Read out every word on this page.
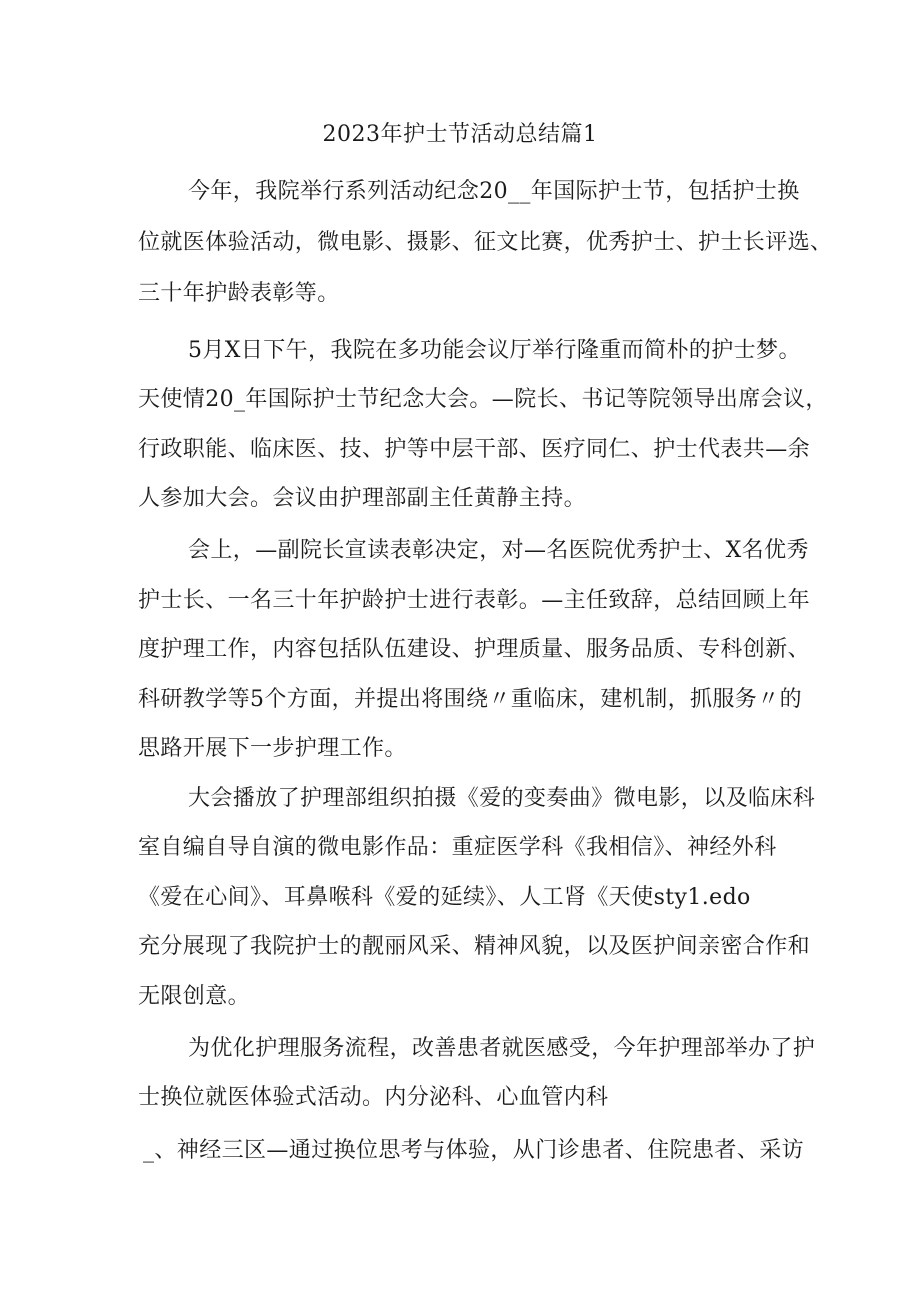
2023年护士节活动总结篇1
今年，我院举行系列活动纪念20__年国际护士节，包括护士换
位就医体验活动，微电影、摄影、征文比赛，优秀护士、护士长评选、
三十年护龄表彰等。
5月X日下午，我院在多功能会议厅举行隆重而简朴的护士梦。
天使情20_年国际护士节纪念大会。—院长、书记等院领导出席会议，
行政职能、临床医、技、护等中层干部、医疗同仁、护士代表共—余
人参加大会。会议由护理部副主任黄静主持。
会上，—副院长宣读表彰决定，对—名医院优秀护士、X名优秀
护士长、一名三十年护龄护士进行表彰。—主任致辞，总结回顾上年
度护理工作，内容包括队伍建设、护理质量、服务品质、专科创新、
科研教学等5个方面，并提出将围绕〃重临床，建机制，抓服务〃的
思路开展下一步护理工作。
大会播放了护理部组织拍摄《爱的变奏曲》微电影，以及临床科
室自编自导自演的微电影作品：重症医学科《我相信》、神经外科
《爱在心间》、耳鼻喉科《爱的延续》、人工肾《天使sty1.edo
充分展现了我院护士的靓丽风采、精神风貌，以及医护间亲密合作和
无限创意。
为优化护理服务流程，改善患者就医感受，今年护理部举办了护
士换位就医体验式活动。内分泌科、心血管内科
_、神经三区—通过换位思考与体验，从门诊患者、住院患者、采访
